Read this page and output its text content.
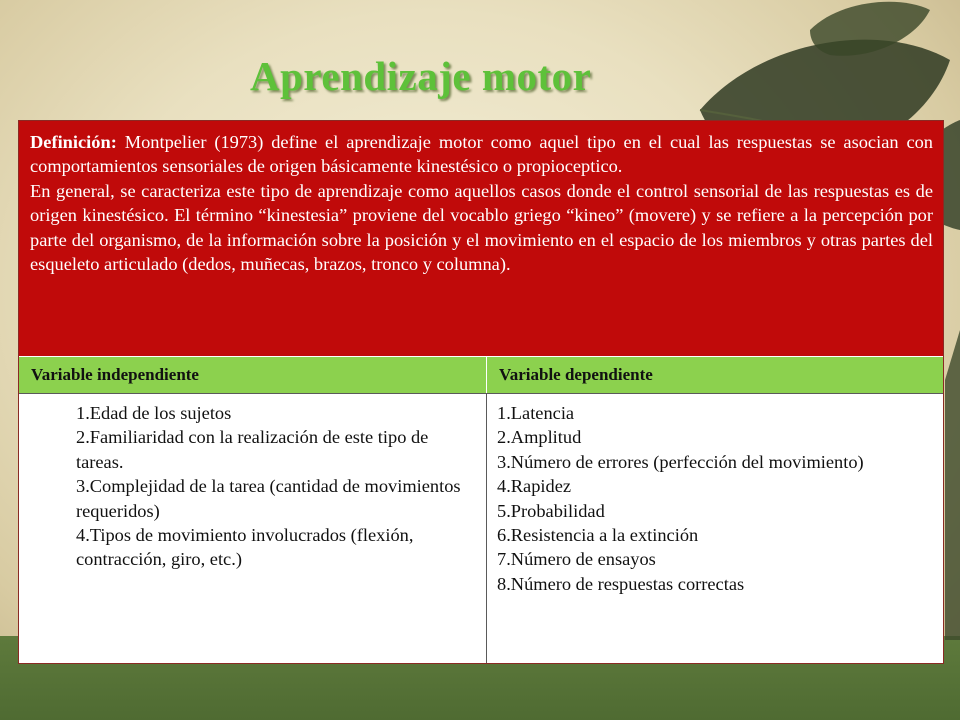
Aprendizaje motor

Definición: Montpelier (1973) define el aprendizaje motor como aquel tipo en el cual las respuestas se asocian con comportamientos sensoriales de origen básicamente kinestésico o propioceptico.

En general, se caracteriza este tipo de aprendizaje como aquellos casos donde el control sensorial de las respuestas es de origen kinestésico. El término “kinestesia” proviene del vocablo griego “kineo” (movere) y se refiere a la percepción por parte del organismo, de la información sobre la posición y el movimiento en el espacio de los miembros y otras partes del esqueleto articulado (dedos, muñecas, brazos, tronco y columna).

Variable independiente	Variable dependiente
1.Edad de los sujetos
2.Familiaridad con la realización de este tipo de tareas.
3.Complejidad de la tarea (cantidad de movimientos requeridos)
4.Tipos de movimiento involucrados (flexión, contracción, giro, etc.)
1.Latencia
2.Amplitud
3.Número de errores (perfección del movimiento)
4.Rapidez
5.Probabilidad
6.Resistencia a la extinción
7.Número de ensayos
8.Número de respuestas correctas
